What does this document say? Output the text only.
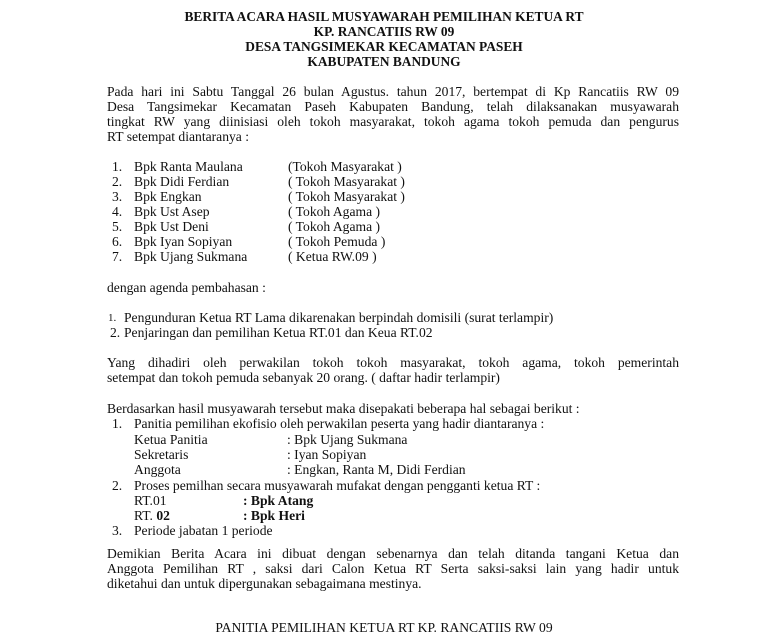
BERITA ACARA HASIL MUSYAWARAH PEMILIHAN KETUA RT
KP. RANCATIIS RW 09
DESA TANGSIMEKAR KECAMATAN PASEH
KABUPATEN BANDUNG
Pada hari ini Sabtu Tanggal 26 bulan Agustus. tahun 2017, bertempat di Kp Rancatiis RW 09
Desa Tangsimekar Kecamatan Paseh Kabupaten Bandung, telah dilaksanakan musyawarah
tingkat RW yang diinisiasi oleh tokoh masyarakat, tokoh agama tokoh pemuda dan pengurus
RT setempat diantaranya :
1. Bpk Ranta Maulana	(Tokoh Masyarakat )
2. Bpk Didi Ferdian	( Tokoh Masyarakat )
3. Bpk Engkan	( Tokoh Masyarakat )
4. Bpk Ust Asep	( Tokoh Agama )
5. Bpk Ust Deni	( Tokoh Agama )
6. Bpk Iyan Sopiyan	( Tokoh Pemuda )
7. Bpk Ujang Sukmana	( Ketua RW.09 )
dengan agenda pembahasan :
1. Pengunduran Ketua RT Lama dikarenakan berpindah domisili (surat terlampir)
2. Penjaringan dan pemilihan Ketua RT.01 dan Keua RT.02
Yang dihadiri oleh perwakilan tokoh tokoh masyarakat, tokoh agama, tokoh pemerintah
setempat dan tokoh pemuda sebanyak 20 orang. ( daftar hadir terlampir)
Berdasarkan hasil musyawarah tersebut maka disepakati beberapa hal sebagai berikut :
1. Panitia pemilihan ekofisio oleh perwakilan peserta yang hadir diantaranya :
Ketua Panitia	: Bpk Ujang Sukmana
Sekretaris	: Iyan Sopiyan
Anggota	: Engkan, Ranta M, Didi Ferdian
2. Proses pemilhan secara musyawarah mufakat dengan pengganti ketua RT :
RT.01	: Bpk Atang
RT. 02	: Bpk Heri
3. Periode jabatan 1 periode
Demikian Berita Acara ini dibuat dengan sebenarnya dan telah ditanda tangani Ketua dan
Anggota Pemilihan RT , saksi dari Calon Ketua RT Serta saksi-saksi lain yang hadir untuk
diketahui dan untuk dipergunakan sebagaimana mestinya.
PANITIA PEMILIHAN KETUA RT KP. RANCATIIS RW 09
